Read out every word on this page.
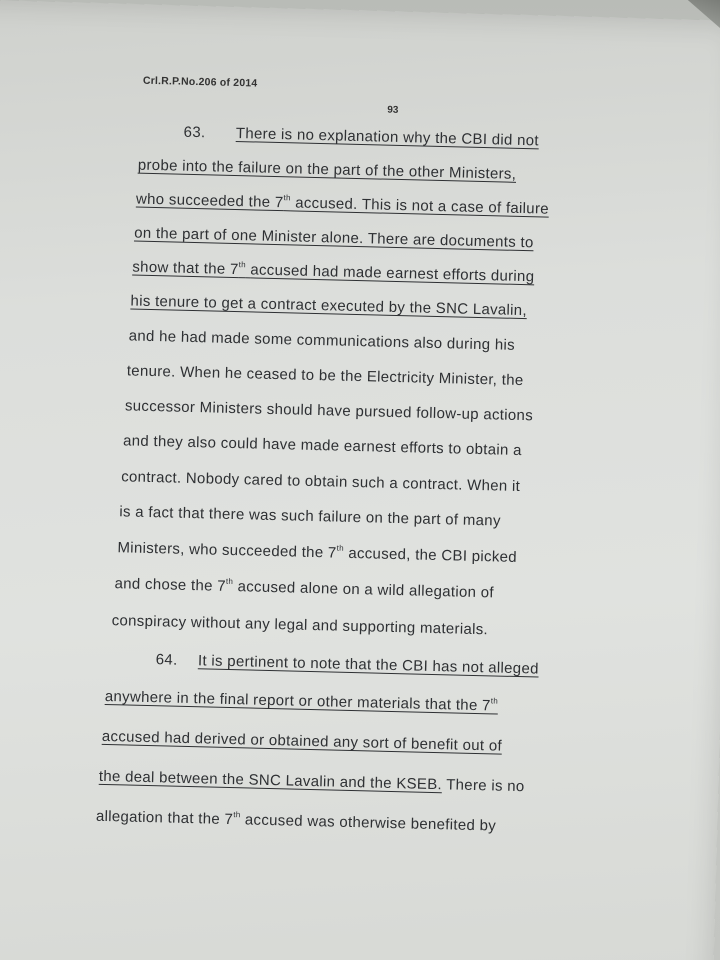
Crl.R.P.No.206 of 2014
93
63. There is no explanation why the CBI did not
probe into the failure on the part of the other Ministers,
who succeeded the 7th accused. This is not a case of failure
on the part of one Minister alone. There are documents to
show that the 7th accused had made earnest efforts during
his tenure to get a contract executed by the SNC Lavalin,
and he had made some communications also during his
tenure. When he ceased to be the Electricity Minister, the
successor Ministers should have pursued follow-up actions
and they also could have made earnest efforts to obtain a
contract. Nobody cared to obtain such a contract. When it
is a fact that there was such failure on the part of many
Ministers, who succeeded the 7th accused, the CBI picked
and chose the 7th accused alone on a wild allegation of
conspiracy without any legal and supporting materials.
64. It is pertinent to note that the CBI has not alleged
anywhere in the final report or other materials that the 7th
accused had derived or obtained any sort of benefit out of
the deal between the SNC Lavalin and the KSEB. There is no
allegation that the 7th accused was otherwise benefited by
